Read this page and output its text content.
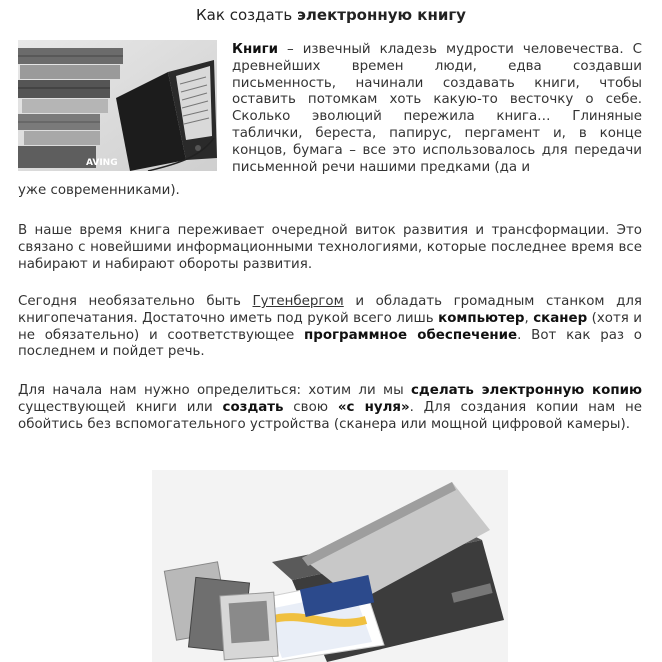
Как создать электронную книгу
AVING
Книги – извечный кладезь мудрости человечества. С древнейших времен люди, едва создавши письменность, начинали создавать книги, чтобы оставить потомкам хоть какую-то весточку о себе. Сколько эволюций пережила книга… Глиняные таблички, береста, папирус, пергамент и, в конце концов, бумага – все это использовалось для передачи письменной речи нашими предками (да и
уже современниками).
В наше время книга переживает очередной виток развития и трансформации. Это связано с новейшими информационными технологиями, которые последнее время все набирают и набирают обороты развития.
Сегодня необязательно быть Гутенбергом и обладать громадным станком для книгопечатания. Достаточно иметь под рукой всего лишь компьютер, сканер (хотя и не обязательно) и соответствующее программное обеспечение. Вот как раз о последнем и пойдет речь.
Для начала нам нужно определиться: хотим ли мы сделать электронную копию существующей книги или создать свою «с нуля». Для создания копии нам не обойтись без вспомогательного устройства (сканера или мощной цифровой камеры).
